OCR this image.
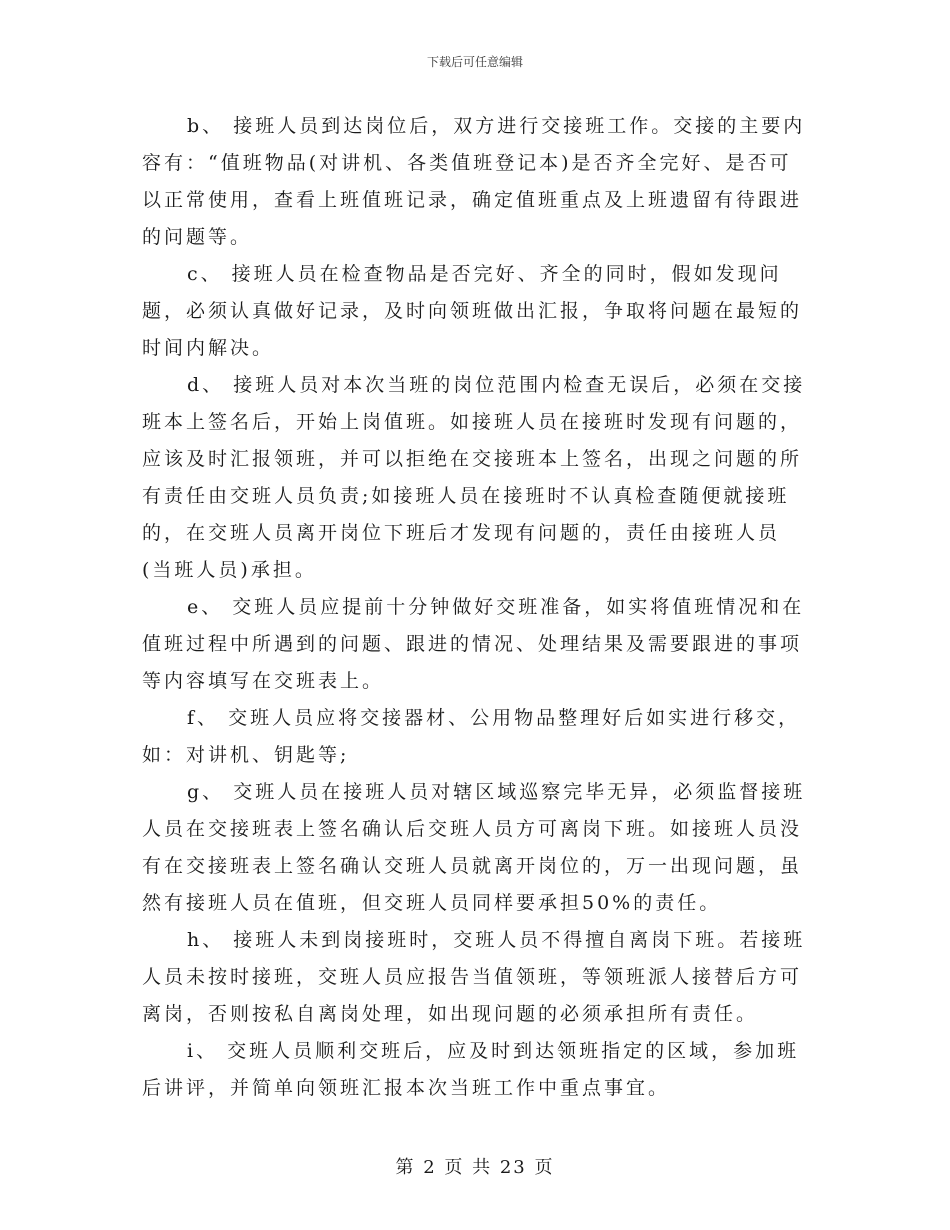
下载后可任意编辑

b、 接班人员到达岗位后，双方进行交接班工作。交接的主要内容有：“值班物品(对讲机、各类值班登记本)是否齐全完好、是否可以正常使用，查看上班值班记录，确定值班重点及上班遗留有待跟进的问题等。

c、 接班人员在检查物品是否完好、齐全的同时，假如发现问题，必须认真做好记录，及时向领班做出汇报，争取将问题在最短的时间内解决。

d、 接班人员对本次当班的岗位范围内检查无误后，必须在交接班本上签名后，开始上岗值班。如接班人员在接班时发现有问题的，应该及时汇报领班，并可以拒绝在交接班本上签名，出现之问题的所有责任由交班人员负责;如接班人员在接班时不认真检查随便就接班的，在交班人员离开岗位下班后才发现有问题的，责任由接班人员(当班人员)承担。

e、 交班人员应提前十分钟做好交班准备，如实将值班情况和在值班过程中所遇到的问题、跟进的情况、处理结果及需要跟进的事项等内容填写在交班表上。

f、 交班人员应将交接器材、公用物品整理好后如实进行移交，如：对讲机、钥匙等;

g、 交班人员在接班人员对辖区域巡察完毕无异，必须监督接班人员在交接班表上签名确认后交班人员方可离岗下班。如接班人员没有在交接班表上签名确认交班人员就离开岗位的，万一出现问题，虽然有接班人员在值班，但交班人员同样要承担50%的责任。

h、 接班人未到岗接班时，交班人员不得擅自离岗下班。若接班人员未按时接班，交班人员应报告当值领班，等领班派人接替后方可离岗，否则按私自离岗处理，如出现问题的必须承担所有责任。

i、 交班人员顺利交班后，应及时到达领班指定的区域，参加班后讲评，并简单向领班汇报本次当班工作中重点事宜。

第 2 页 共 23 页
